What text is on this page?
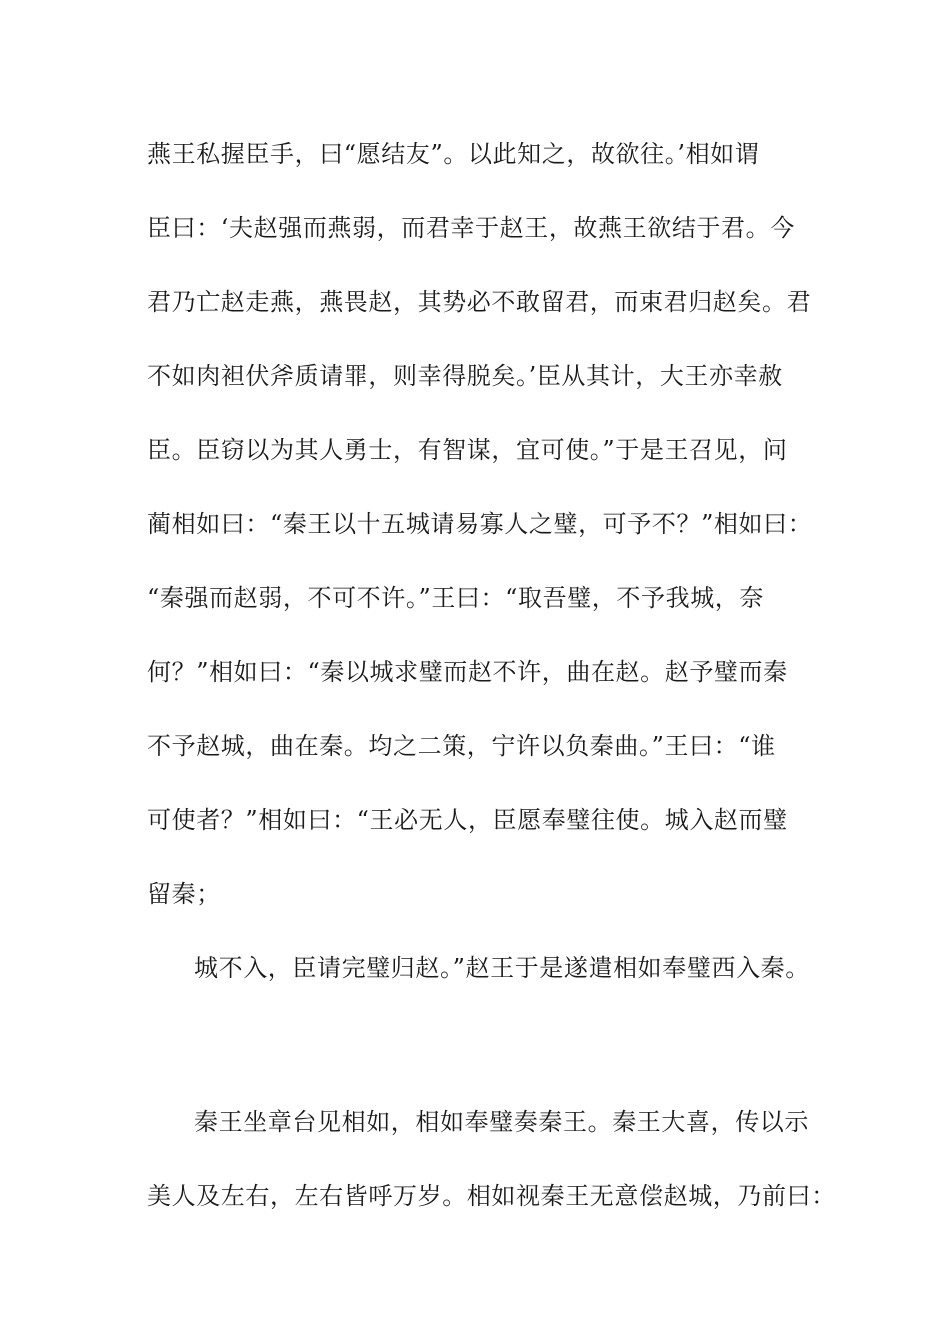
燕王私握臣手，曰“愿结友”。以此知之，故欲往。’相如谓
臣曰：‘夫赵强而燕弱，而君幸于赵王，故燕王欲结于君。今
君乃亡赵走燕，燕畏赵，其势必不敢留君，而束君归赵矣。君
不如肉袒伏斧质请罪，则幸得脱矣。’臣从其计，大王亦幸赦
臣。臣窃以为其人勇士，有智谋，宜可使。”于是王召见，问
蔺相如曰：“秦王以十五城请易寡人之璧，可予不？”相如曰：
“秦强而赵弱，不可不许。”王曰：“取吾璧，不予我城，奈
何？”相如曰：“秦以城求璧而赵不许，曲在赵。赵予璧而秦
不予赵城，曲在秦。均之二策，宁许以负秦曲。”王曰：“谁
可使者？”相如曰：“王必无人，臣愿奉璧往使。城入赵而璧
留秦；
城不入，臣请完璧归赵。”赵王于是遂遣相如奉璧西入秦。
秦王坐章台见相如，相如奉璧奏秦王。秦王大喜，传以示
美人及左右，左右皆呼万岁。相如视秦王无意偿赵城，乃前曰：
